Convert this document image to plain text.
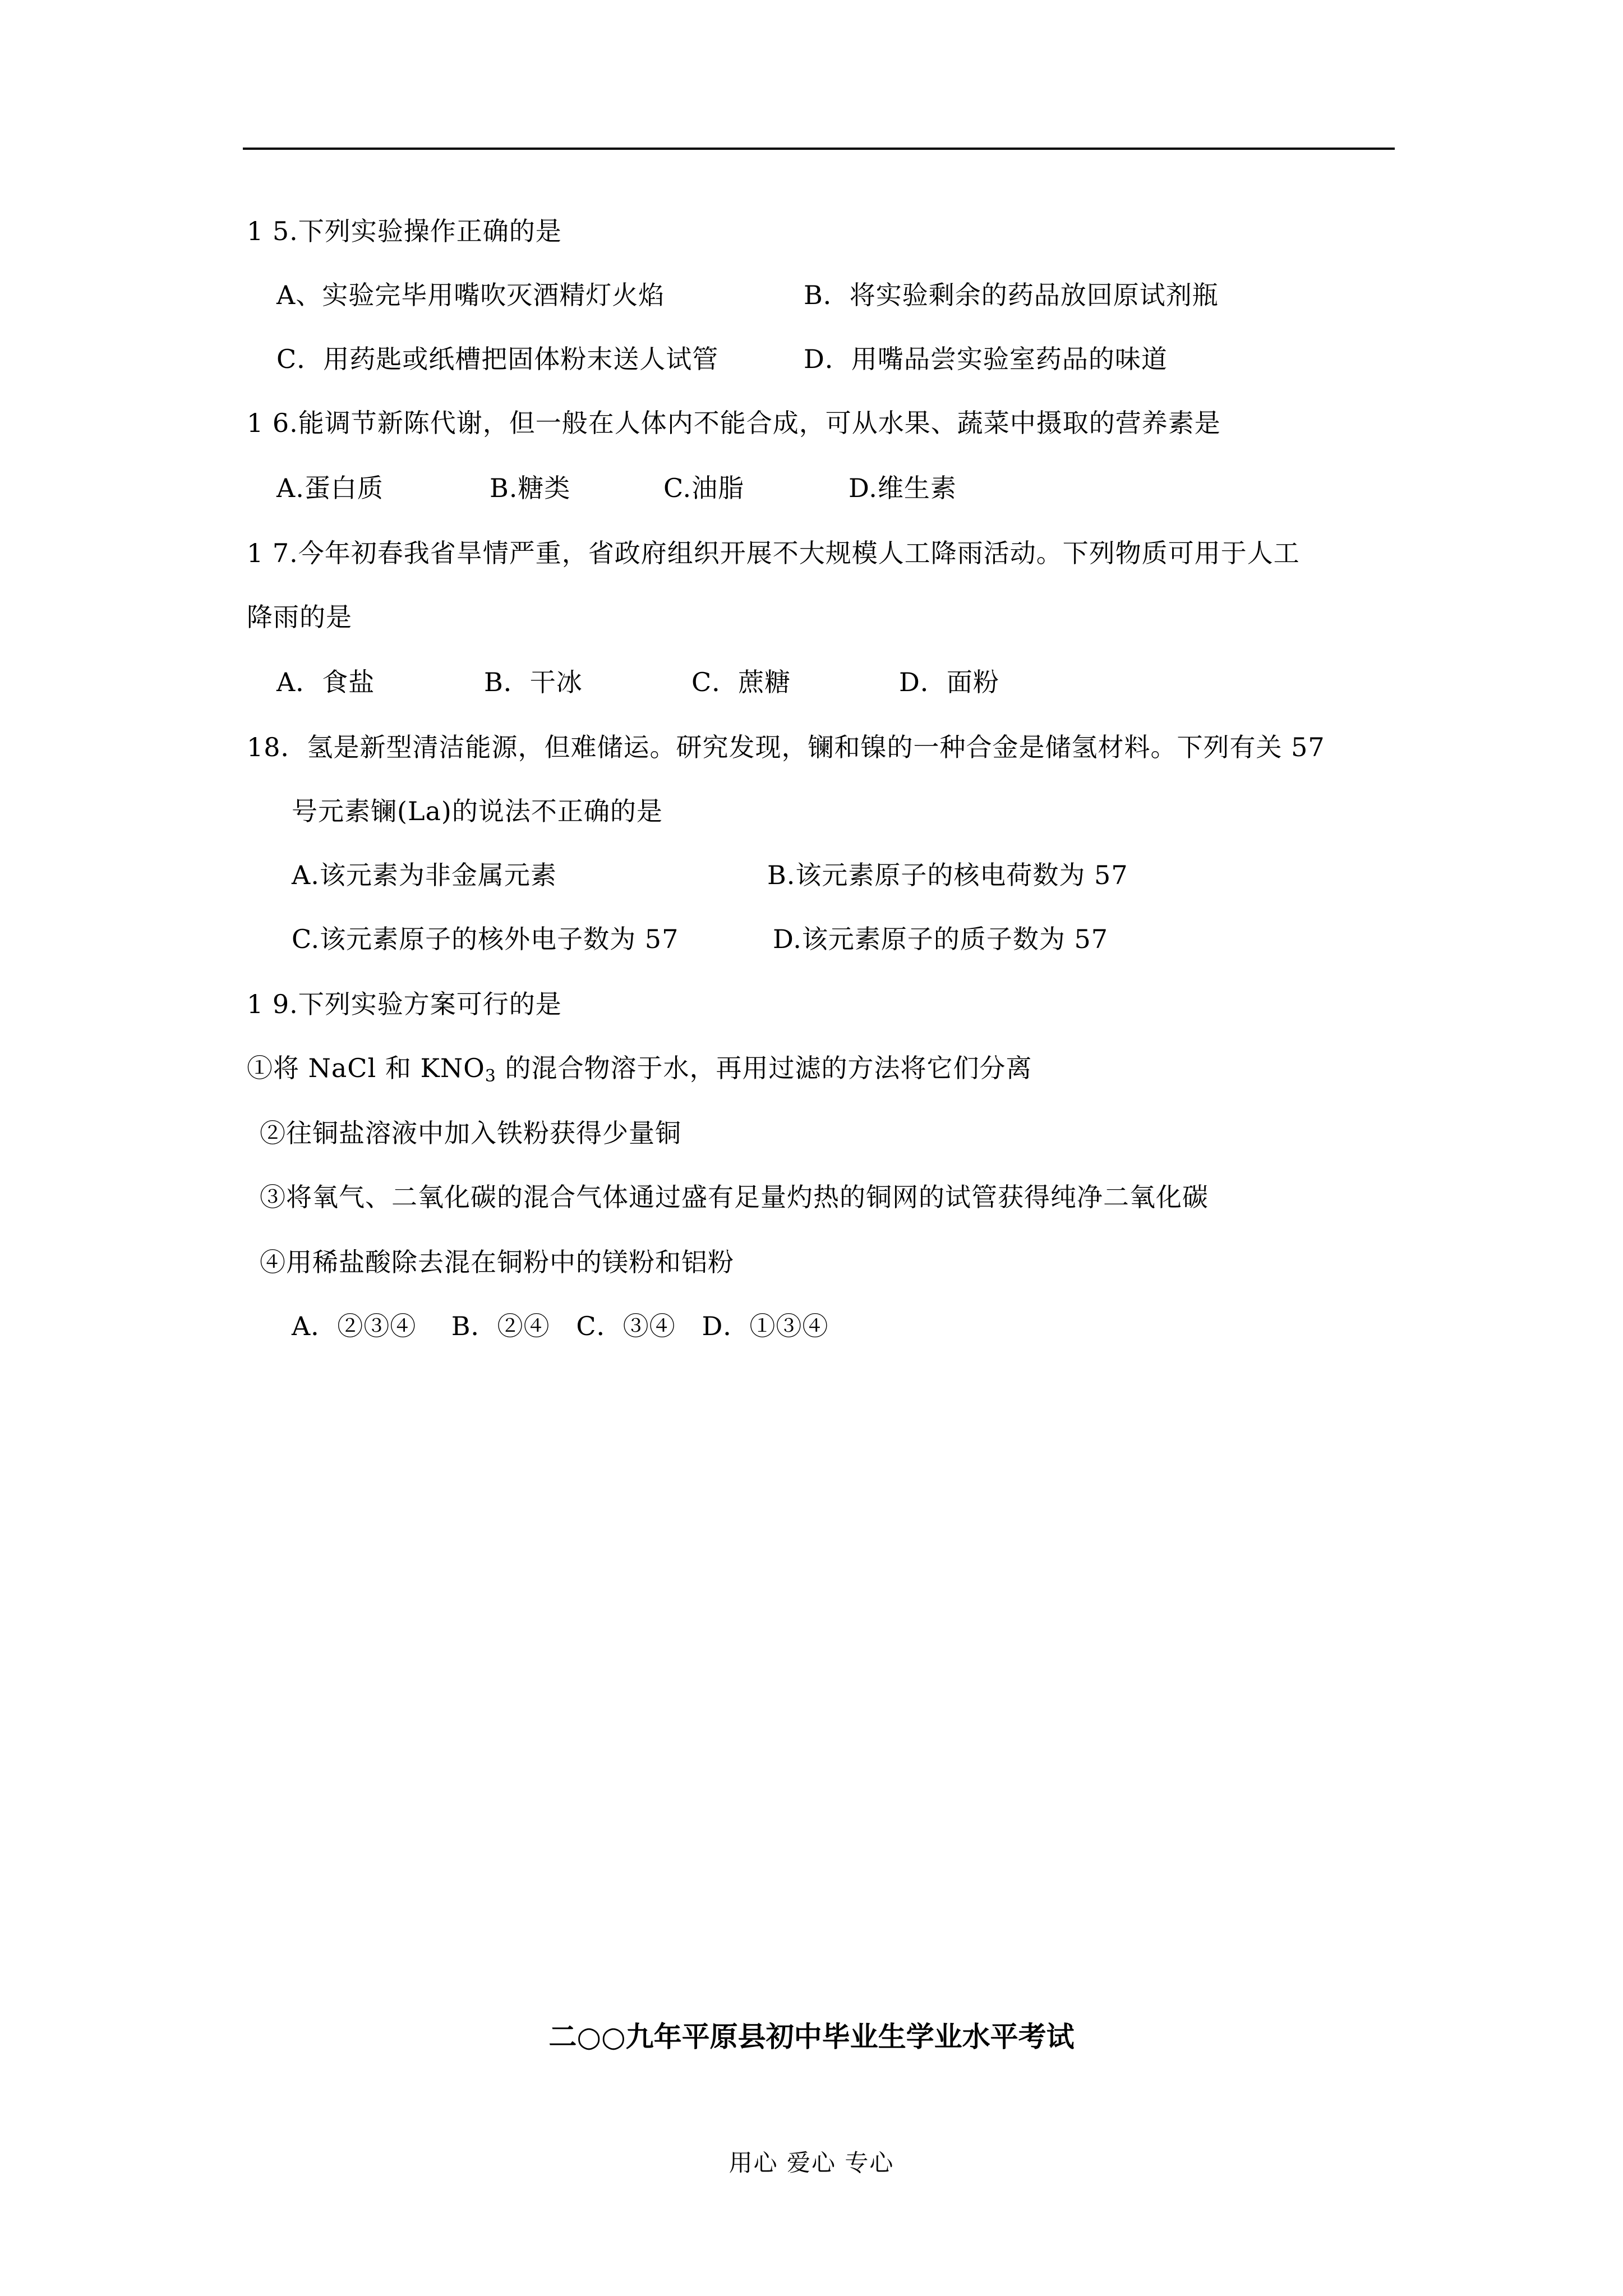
1 5.下列实验操作正确的是
A、实验完毕用嘴吹灭酒精灯火焰	B．将实验剩余的药品放回原试剂瓶
C．用药匙或纸槽把固体粉末送人试管	D．用嘴品尝实验室药品的味道
1 6.能调节新陈代谢，但一般在人体内不能合成，可从水果、蔬菜中摄取的营养素是
A.蛋白质	B.糖类	C.油脂	D.维生素
1 7.今年初春我省旱情严重，省政府组织开展不大规模人工降雨活动。下列物质可用于人工
降雨的是
A．食盐	B．干冰	C．蔗糖	D．面粉
18．氢是新型清洁能源，但难储运。研究发现，镧和镍的一种合金是储氢材料。下列有关 57
号元素镧(La)的说法不正确的是
A.该元素为非金属元素	B.该元素原子的核电荷数为 57
C.该元素原子的核外电子数为 57	D.该元素原子的质子数为 57
1 9.下列实验方案可行的是
①将 NaCl 和 $KNO_3$ 的混合物溶于水，再用过滤的方法将它们分离
②往铜盐溶液中加入铁粉获得少量铜
③将氧气、二氧化碳的混合气体通过盛有足量灼热的铜网的试管获得纯净二氧化碳
④用稀盐酸除去混在铜粉中的镁粉和铝粉
A．②③④    B．②④   C．③④   D．①③④
二○○九年平原县初中毕业生学业水平考试
用心 爱心 专心
